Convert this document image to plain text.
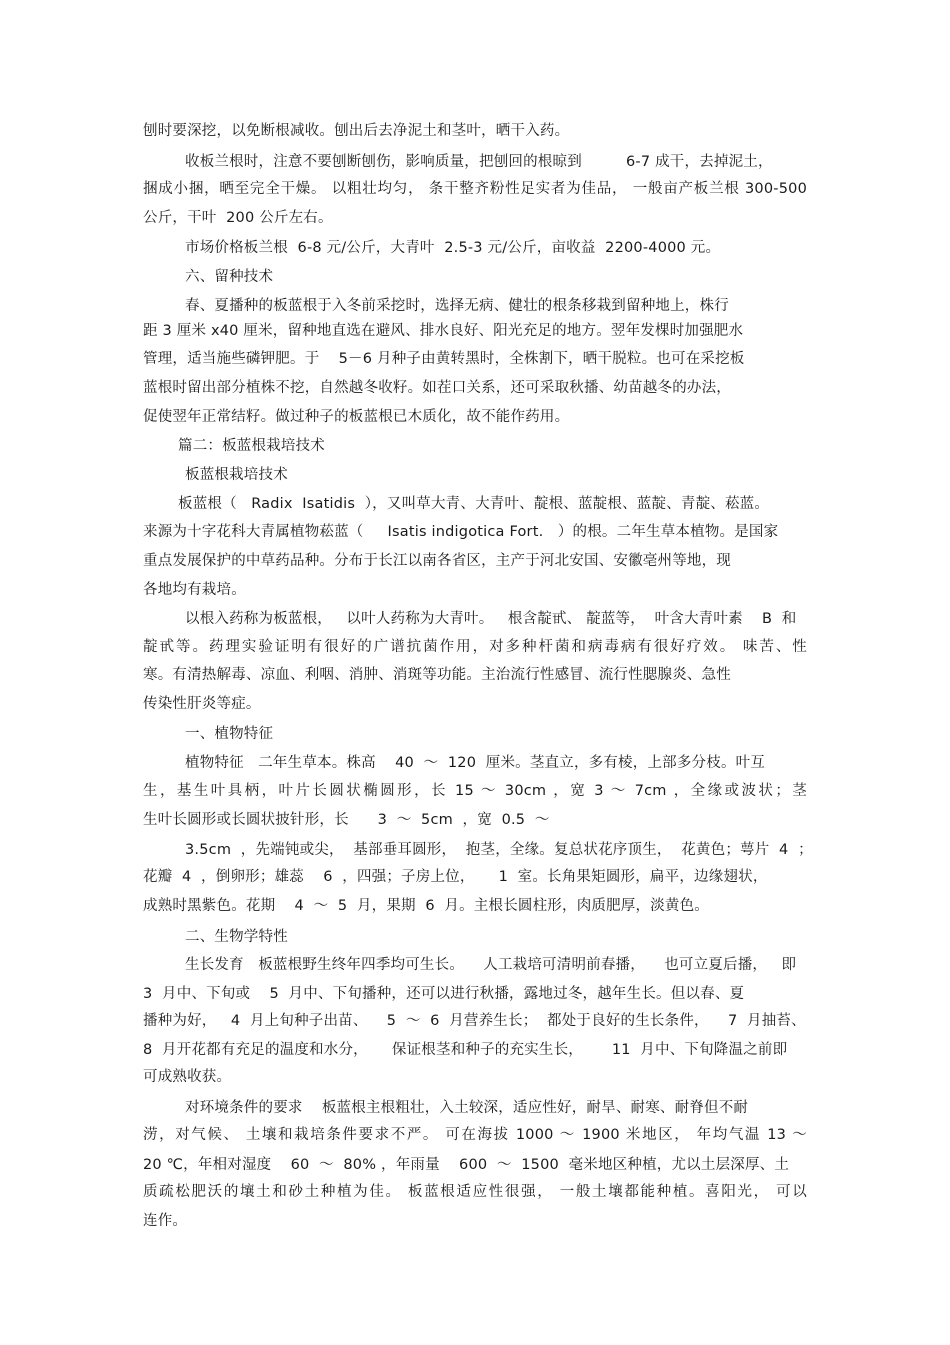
刨时要深挖，以免断根减收。刨出后去净泥土和茎叶，晒干入药。
收板兰根时，注意不要刨断刨伤，影响质量，把刨回的根晾到　　　6-7 成干，去掉泥土，
捆成小捆，晒至完全干燥。 以粗壮均匀， 条干整齐粉性足实者为佳品， 一般亩产板兰根 300-500
公斤，干叶  200 公斤左右。
市场价格板兰根  6-8 元/公斤，大青叶  2.5-3 元/公斤，亩收益  2200-4000 元。
六、留种技术
春、夏播种的板蓝根于入冬前采挖时，选择无病、健壮的根条移栽到留种地上，株行
距 3 厘米 x40 厘米，留种地直选在避风、排水良好、阳光充足的地方。翌年发棵时加强肥水
管理，适当施些磷钾肥。于    5－6 月种子由黄转黑时，全株割下，晒干脱粒。也可在采挖板
蓝根时留出部分植株不挖，自然越冬收籽。如茬口关系，还可采取秋播、幼苗越冬的办法，
促使翌年正常结籽。做过种子的板蓝根已木质化，故不能作药用。
篇二：板蓝根栽培技术
板蓝根栽培技术
板蓝根（   Radix  Isatidis  ），又叫草大青、大青叶、靛根、蓝靛根、蓝靛、青靛、菘蓝。
来源为十字花科大青属植物菘蓝（     Isatis indigotica Fort.   ）的根。二年生草本植物。是国家
重点发展保护的中草药品种。分布于长江以南各省区，主产于河北安国、安徽亳州等地，现
各地均有栽培。
以根入药称为板蓝根，   以叶人药称为大青叶。   根含靛甙、 靛蓝等，  叶含大青叶素    B  和
靛甙等。药理实验证明有很好的广谱抗菌作用，对多种杆菌和病毒病有很好疗效。 味苦、性
寒。有清热解毒、凉血、利咽、消肿、消斑等功能。主治流行性感冒、流行性腮腺炎、急性
传染性肝炎等症。
一、植物特征
植物特征   二年生草本。株高    40  ～  120  厘米。茎直立，多有棱，上部多分枝。叶互
生，基生叶具柄，叶片长圆状椭圆形，长 15 ～ 30cm ，宽 3 ～ 7cm ，全缘或波状；茎
生叶长圆形或长圆状披针形，长      3  ～  5cm  ，宽  0.5  ～
3.5cm  ，先端钝或尖，  基部垂耳圆形，  抱茎，全缘。复总状花序顶生，  花黄色；萼片  4  ；
花瓣  4  ，倒卵形；雄蕊    6  ，四强；子房上位，     1  室。长角果矩圆形，扁平，边缘翅状，
成熟时黑紫色。花期    4  ～  5  月，果期  6  月。主根长圆柱形，肉质肥厚，淡黄色。
二、生物学特性
生长发育   板蓝根野生终年四季均可生长。    人工栽培可清明前春播，    也可立夏后播，   即
3  月中、下旬或    5  月中、下旬播种，还可以进行秋播，露地过冬，越年生长。但以春、夏
播种为好，   4  月上旬种子出苗、    5  ～  6  月营养生长；  都处于良好的生长条件，    7  月抽苔、
8  月开花都有充足的温度和水分，     保证根茎和种子的充实生长，      11  月中、下旬降温之前即
可成熟收获。
对环境条件的要求    板蓝根主根粗壮，入土较深，适应性好，耐旱、耐寒、耐脊但不耐
涝，对气候、 土壤和栽培条件要求不严。 可在海拔 1000 ～ 1900 米地区， 年均气温 13 ～
20 ℃，年相对湿度    60  ～  80% ，年雨量    600  ～  1500  毫米地区种植，尤以土层深厚、土
质疏松肥沃的壤土和砂土种植为佳。 板蓝根适应性很强， 一般土壤都能种植。喜阳光， 可以
连作。
